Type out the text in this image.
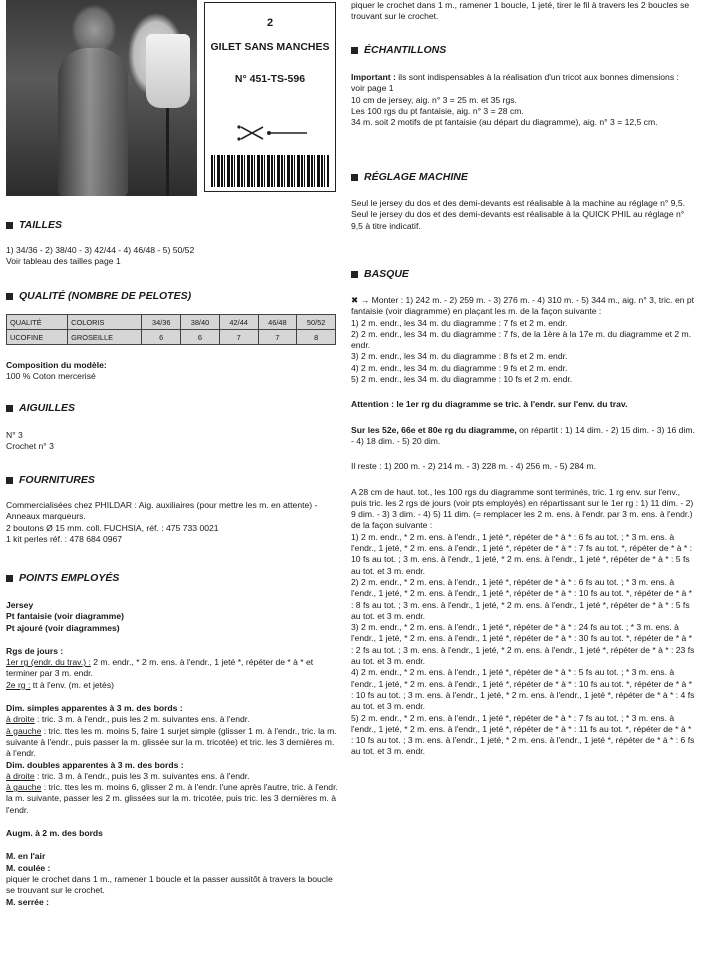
2
GILET SANS MANCHES
N° 451-TS-596
TAILLES

1) 34/36 - 2) 38/40 - 3) 42/44 - 4) 46/48 - 5) 50/52

Voir tableau des tailles page 1

QUALITÉ (NOMBRE DE PELOTES)
QUALITÉ	COLORIS	34/36	38/40	42/44	46/48	50/52
UCOFINE	GROSEILLE	6	6	7	7	8

Composition du modèle:

100 % Coton mercerisé

AIGUILLES

N° 3

Crochet n° 3

FOURNITURES

Commercialisées chez PHILDAR : Aig. auxiliaires (pour mettre les m. en attente) - Anneaux marqueurs.

2 boutons Ø 15 mm. coll. FUCHSIA, réf. : 475 733 0021

1 kit perles réf. : 478 684 0967

POINTS EMPLOYÉS

Jersey

Pt fantaisie (voir diagramme)

Pt ajouré (voir diagrammes)

Rgs de jours :

1er rg (endr. du trav.) : 2 m. endr., * 2 m. ens. à l'endr., 1 jeté *, répéter de * à * et terminer par 3 m. endr.

2e rg : tt à l'env. (m. et jetés)

Dim. simples apparentes à 3 m. des bords :

à droite : tric. 3 m. à l'endr., puis les 2 m. suivantes ens. à l'endr.

à gauche : tric. ttes les m. moins 5, faire 1 surjet simple (glisser 1 m. à l'endr., tric. la m. suivante à l'endr., puis passer la m. glissée sur la m. tricotée) et tric. les 3 dernières m. à l'endr.

Dim. doubles apparentes à 3 m. des bords :

à droite : tric. 3 m. à l'endr., puis les 3 m. suivantes ens. à l'endr.

à gauche : tric. ttes les m. moins 6, glisser 2 m. à l'endr. l'une après l'autre, tric. à l'endr. la m. suivante, passer les 2 m. glissées sur la m. tricotée, puis tric. les 3 dernières m. à l'endr.

Augm. à 2 m. des bords

M. en l'air

M. coulée :

piquer le crochet dans 1 m., ramener 1 boucle et la passer aussitôt à travers la boucle se trouvant sur le crochet.

M. serrée :

piquer le crochet dans 1 m., ramener 1 boucle, 1 jeté, tirer le fil à travers les 2 boucles se trouvant sur le crochet.

ÉCHANTILLONS

Important : ils sont indispensables à la réalisation d'un tricot aux bonnes dimensions : voir page 1

10 cm de jersey, aig. n° 3 = 25 m. et 35 rgs.

Les 100 rgs du pt fantaisie, aig. n° 3 = 28 cm.

34 m. soit 2 motifs de pt fantaisie (au départ du diagramme), aig. n° 3 = 12,5 cm.

RÉGLAGE MACHINE

Seul le jersey du dos et des demi-devants est réalisable à la machine au réglage n° 9,5.

Seul le jersey du dos et des demi-devants est réalisable à la QUICK PHIL au réglage n° 9,5 à titre indicatif.

BASQUE

✖ → Monter : 1) 242 m. - 2) 259 m. - 3) 276 m. - 4) 310 m. - 5) 344 m., aig. n° 3, tric. en pt fantaisie (voir diagramme) en plaçant les m. de la façon suivante :

1) 2 m. endr., les 34 m. du diagramme : 7 fs et 2 m. endr.

2) 2 m. endr., les 34 m. du diagramme : 7 fs, de la 1ère à la 17e m. du diagramme et 2 m. endr.

3) 2 m. endr., les 34 m. du diagramme : 8 fs et 2 m. endr.

4) 2 m. endr., les 34 m. du diagramme : 9 fs et 2 m. endr.

5) 2 m. endr., les 34 m. du diagramme : 10 fs et 2 m. endr.

Attention : le 1er rg du diagramme se tric. à l'endr. sur l'env. du trav.

Sur les 52e, 66e et 80e rg du diagramme, on répartit : 1) 14 dim. - 2) 15 dim. - 3) 16 dim. - 4) 18 dim. - 5) 20 dim.

Il reste : 1) 200 m. - 2) 214 m. - 3) 228 m. - 4) 256 m. - 5) 284 m.

A 28 cm de haut. tot., les 100 rgs du diagramme sont terminés, tric. 1 rg env. sur l'env., puis tric. les 2 rgs de jours (voir pts employés) en répartissant sur le 1er rg : 1) 11 dim. - 2) 9 dim. - 3) 3 dim. - 4) 5) 11 dim. (= remplacer les 2 m. ens. à l'endr. par 3 m. ens. à l'endr.) de la façon suivante :

1) 2 m. endr., * 2 m. ens. à l'endr., 1 jeté *, répéter de * à * : 6 fs au tot. ; * 3 m. ens. à l'endr., 1 jeté, * 2 m. ens. à l'endr., 1 jeté *, répéter de * à * : 7 fs au tot. *, répéter de * à * : 10 fs au tot. ; 3 m. ens. à l'endr., 1 jeté, * 2 m. ens. à l'endr., 1 jeté *, répéter de * à * : 5 fs au tot. et 3 m. endr.

2) 2 m. endr., * 2 m. ens. à l'endr., 1 jeté *, répéter de * à * : 6 fs au tot. ; * 3 m. ens. à l'endr., 1 jeté, * 2 m. ens. à l'endr., 1 jeté *, répéter de * à * : 10 fs au tot. *, répéter de * à * : 8 fs au tot. ; 3 m. ens. à l'endr., 1 jeté, * 2 m. ens. à l'endr., 1 jeté *, répéter de * à * : 5 fs au tot. et 3 m. endr.

3) 2 m. endr., * 2 m. ens. à l'endr., 1 jeté *, répéter de * à * : 24 fs au tot. ; * 3 m. ens. à l'endr., 1 jeté, * 2 m. ens. à l'endr., 1 jeté *, répéter de * à * : 30 fs au tot. *, répéter de * à * : 2 fs au tot. ; 3 m. ens. à l'endr., 1 jeté, * 2 m. ens. à l'endr., 1 jeté *, répéter de * à * : 23 fs au tot. et 3 m. endr.

4) 2 m. endr., * 2 m. ens. à l'endr., 1 jeté *, répéter de * à * : 5 fs au tot. ; * 3 m. ens. à l'endr., 1 jeté, * 2 m. ens. à l'endr., 1 jeté *, répéter de * à * : 10 fs au tot. *, répéter de * à * : 10 fs au tot. ; 3 m. ens. à l'endr., 1 jeté, * 2 m. ens. à l'endr., 1 jeté *, répéter de * à * : 4 fs au tot. et 3 m. endr.

5) 2 m. endr., * 2 m. ens. à l'endr., 1 jeté *, répéter de * à * : 7 fs au tot. ; * 3 m. ens. à l'endr., 1 jeté, * 2 m. ens. à l'endr., 1 jeté *, répéter de * à * : 11 fs au tot. *, répéter de * à * : 10 fs au tot. ; 3 m. ens. à l'endr., 1 jeté, * 2 m. ens. à l'endr., 1 jeté *, répéter de * à * : 6 fs au tot. et 3 m. endr.
